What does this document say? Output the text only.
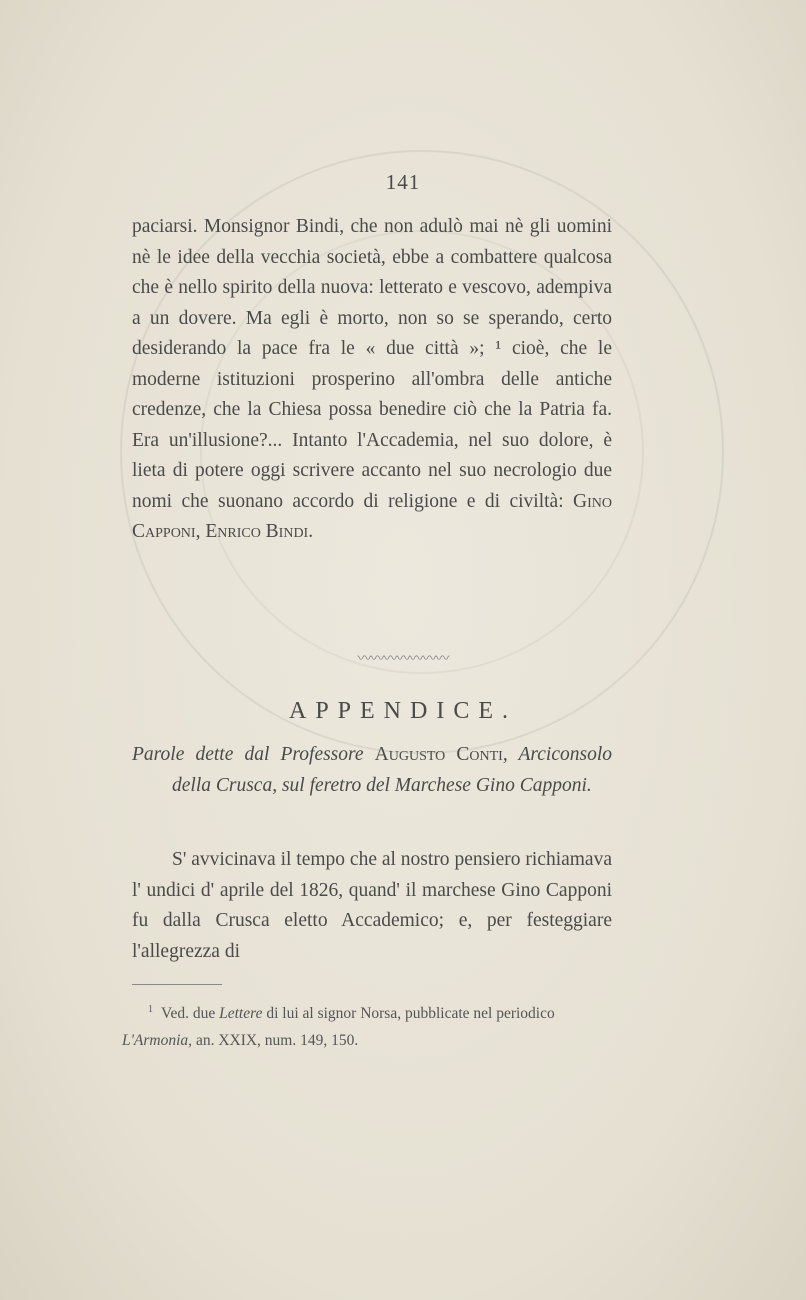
141

paciarsi. Monsignor Bindi, che non adulò mai nè gli uomini nè le idee della vecchia società, ebbe a combattere qualcosa che è nello spirito della nuova: letterato e vescovo, adempiva a un dovere. Ma egli è morto, non so se sperando, certo desiderando la pace fra le « due città »; ¹ cioè, che le moderne istituzioni prosperino all'ombra delle antiche credenze, che la Chiesa possa benedire ciò che la Patria fa. Era un'illusione?... Intanto l'Accademia, nel suo dolore, è lieta di potere oggi scrivere accanto nel suo necrologio due nomi che suonano accordo di religione e di civiltà: Gino Capponi, Enrico Bindi.

〰〰〰〰〰〰〰
APPENDICE.
Parole dette dal Professore Augusto Conti, Arciconsolo della Crusca, sul feretro del Marchese Gino Capponi.

S' avvicinava il tempo che al nostro pensiero richiamava l' undici d' aprile del 1826, quand' il marchese Gino Capponi fu dalla Crusca eletto Accademico; e, per festeggiare l'allegrezza di

$^1$ Ved. due Lettere di lui al signor Norsa, pubblicate nel periodico L'Armonia, an. XXIX, num. 149, 150.
